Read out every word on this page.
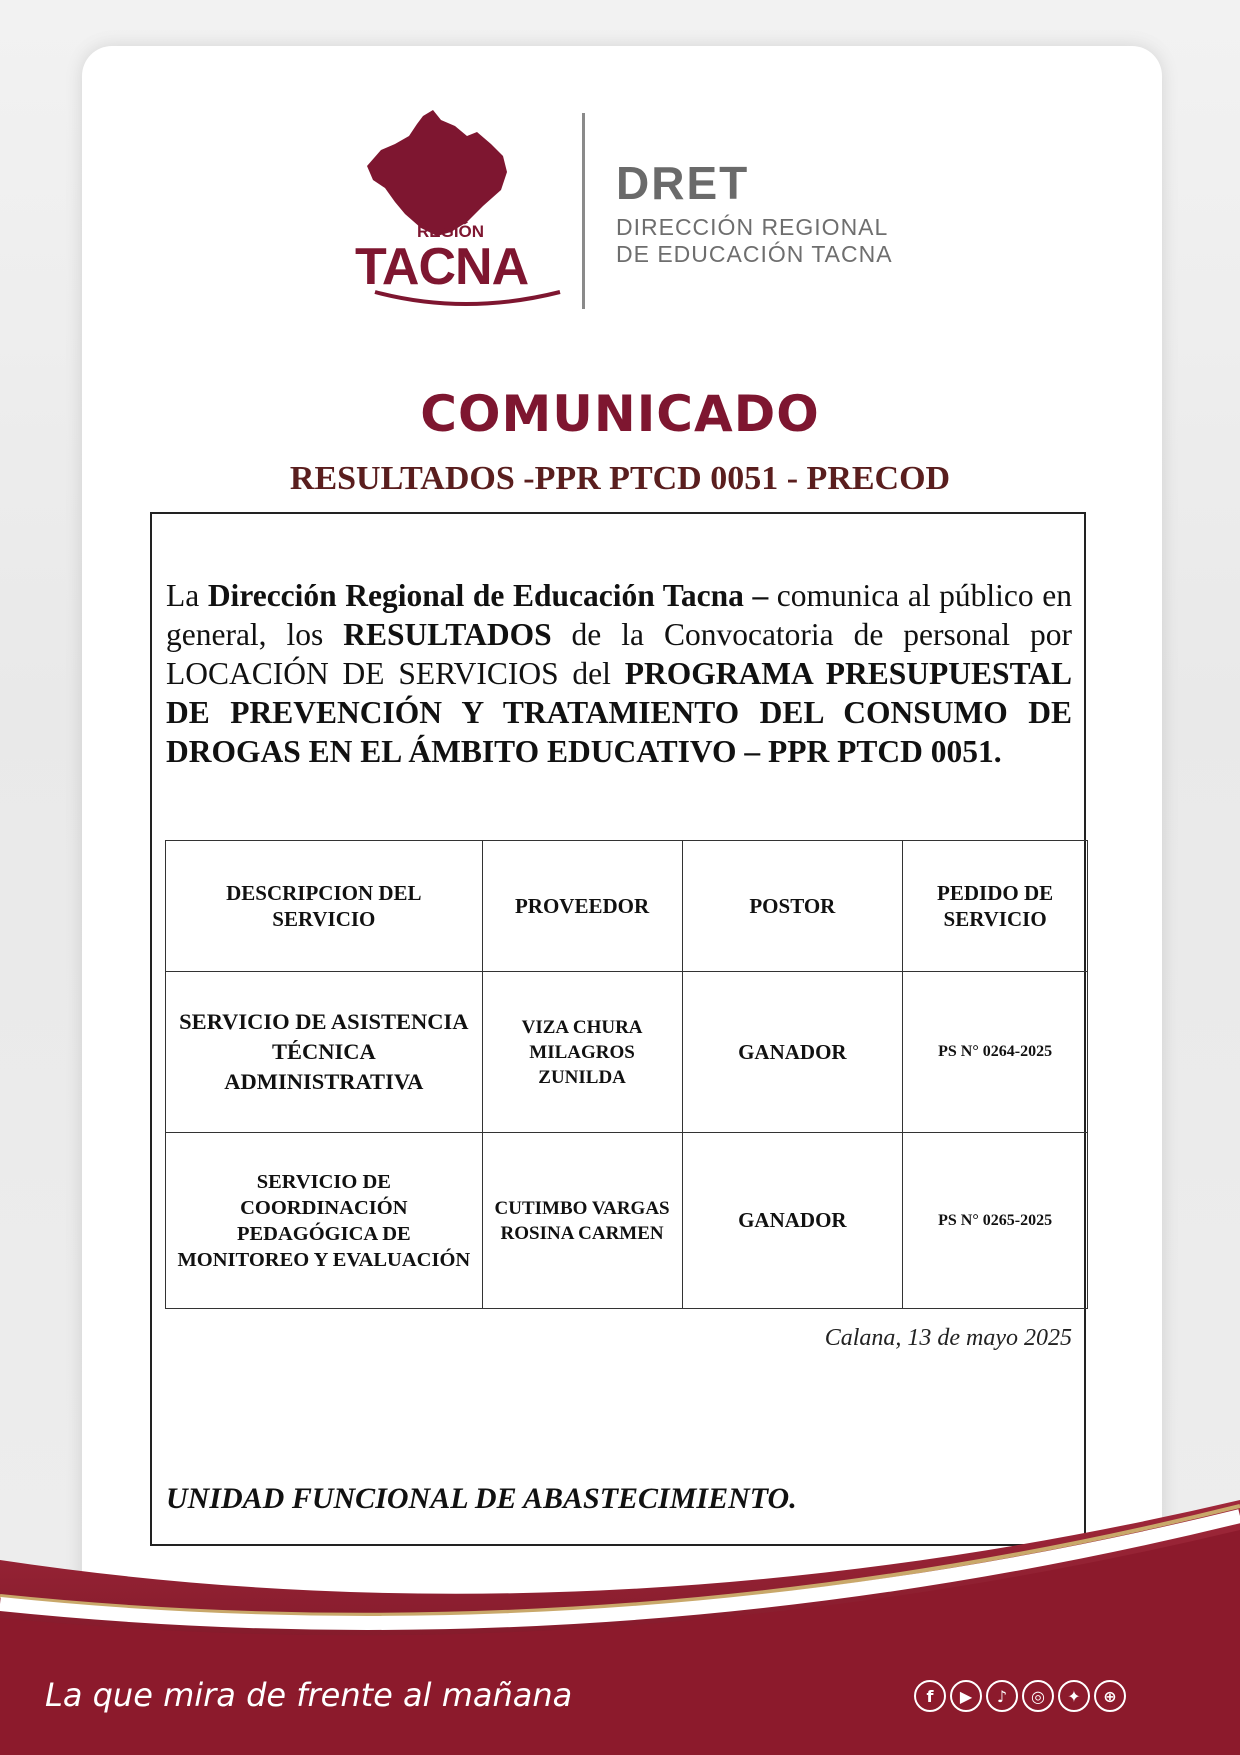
REGIÓN
TACNA
DRET
DIRECCIÓN REGIONAL
DE EDUCACIÓN TACNA
COMUNICADO
RESULTADOS -PPR PTCD 0051 - PRECOD
La Dirección Regional de Educación Tacna – comunica al público en general, los RESULTADOS de la Convocatoria de personal por LOCACIÓN DE SERVICIOS del PROGRAMA PRESUPUESTAL DE PREVENCIÓN Y TRATAMIENTO DEL CONSUMO DE DROGAS EN EL ÁMBITO EDUCATIVO – PPR PTCD 0051.
DESCRIPCION DEL SERVICIO	PROVEEDOR	POSTOR	PEDIDO DE SERVICIO
SERVICIO DE ASISTENCIA TÉCNICA ADMINISTRATIVA	VIZA CHURA MILAGROS ZUNILDA	GANADOR	PS N° 0264-2025
SERVICIO DE COORDINACIÓN PEDAGÓGICA DE MONITOREO Y EVALUACIÓN	CUTIMBO VARGAS ROSINA CARMEN	GANADOR	PS N° 0265-2025
Calana, 13 de mayo 2025
UNIDAD FUNCIONAL DE ABASTECIMIENTO.
La que mira de frente al mañana	f	▶	♪	◎	✦	⊕
